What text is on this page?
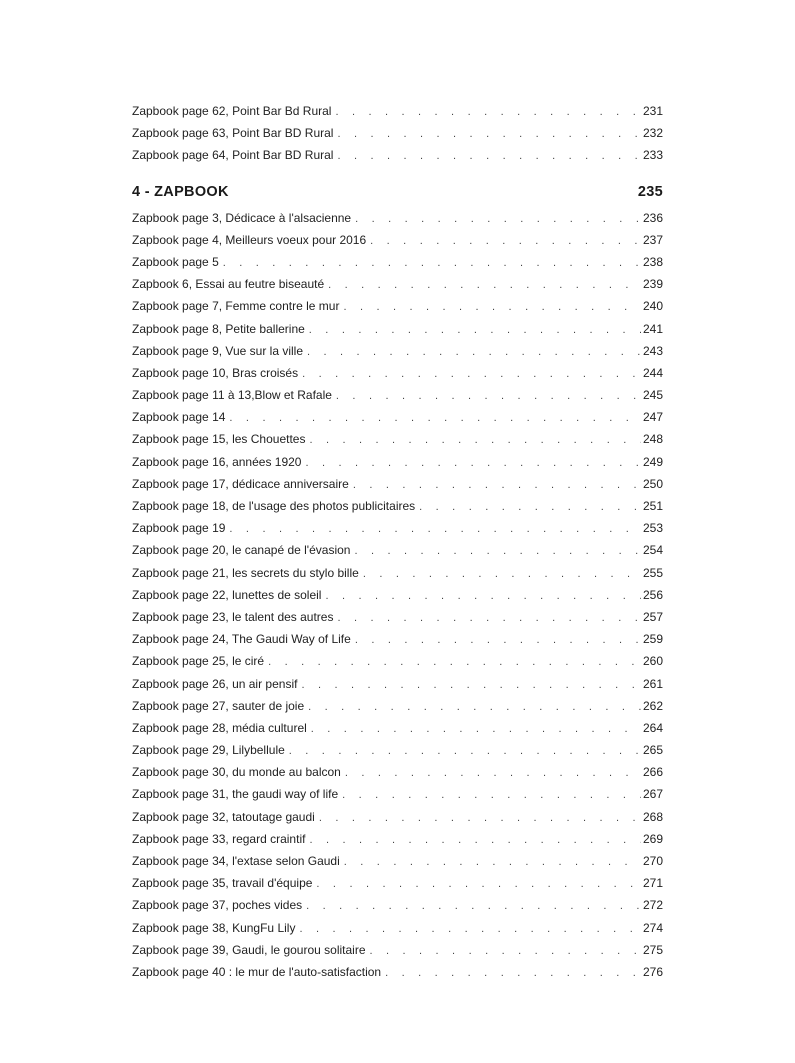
Zapbook page 62, Point Bar Bd Rural . . .	231
Zapbook page 63, Point Bar BD Rural . . .	232
Zapbook page 64, Point Bar BD Rural . . .	233
4 - ZAPBOOK	235
Zapbook page 3, Dédicace à l'alsacienne . . .	236
Zapbook page 4, Meilleurs voeux pour 2016 . . .	237
Zapbook page 5 . . .	238
Zapbook 6, Essai au feutre biseauté . . .	239
Zapbook page 7, Femme contre le mur . . .	240
Zapbook page 8, Petite ballerine . . .	241
Zapbook page 9, Vue sur la ville . . .	243
Zapbook page 10, Bras croisés . . .	244
Zapbook page 11 à 13,Blow et Rafale . . .	245
Zapbook page 14 . . .	247
Zapbook page 15, les Chouettes . . .	248
Zapbook page 16, années 1920 . . .	249
Zapbook page 17, dédicace anniversaire . . .	250
Zapbook page 18, de l'usage des photos publicitaires . . .	251
Zapbook page 19 . . .	253
Zapbook page 20, le canapé de l'évasion . . .	254
Zapbook page 21, les secrets du stylo bille . . .	255
Zapbook page 22, lunettes de soleil . . .	256
Zapbook page 23, le talent des autres . . .	257
Zapbook page 24, The Gaudi Way of Life . . .	259
Zapbook page 25, le ciré . . .	260
Zapbook page 26, un air pensif . . .	261
Zapbook page 27, sauter de joie . . .	262
Zapbook page 28, média culturel . . .	264
Zapbook page 29, Lilybellule . . .	265
Zapbook page 30, du monde au balcon . . .	266
Zapbook page 31, the gaudi way of life . . .	267
Zapbook page 32, tatoutage gaudi . . .	268
Zapbook page 33, regard craintif . . .	269
Zapbook page 34, l'extase selon Gaudi . . .	270
Zapbook page 35, travail d'équipe . . .	271
Zapbook page 37, poches vides . . .	272
Zapbook page 38, KungFu Lily . . .	274
Zapbook page 39, Gaudi, le gourou solitaire . . .	275
Zapbook page 40 : le mur de l'auto-satisfaction . . .	276
